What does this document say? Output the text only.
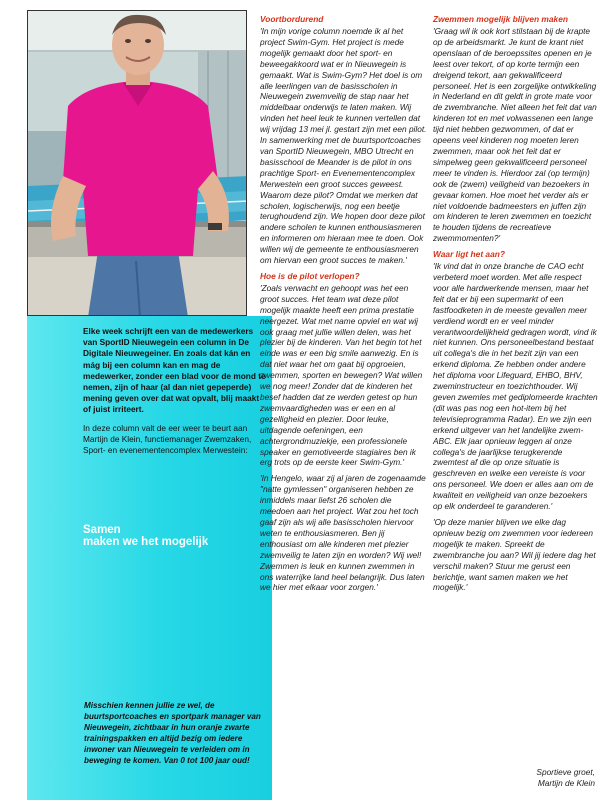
Elke week schrijft een van de medewerkers van SportID Nieuwegein een column in De Digitale Nieuwegeiner. En zoals dat kán en mág bij een column kan en mag de medewerker, zonder een blad voor de mond te nemen, zijn of haar (al dan niet gepeperde) mening geven over dat wat opvalt, blij maakt of juist irriteert.

In deze column valt de eer weer te beurt aan Martijn de Klein, functiemanager Zwemzaken, Sport- en evenementencomplex Merwestein:

Samen
maken we het mogelijk
Misschien kennen jullie ze wel, de buurtsportcoaches en sportpark manager van Nieuwegein, zichtbaar in hun oranje zwarte trainingspakken en altijd bezig om iedere inwoner van Nieuwegein te verleiden om in beweging te komen. Van 0 tot 100 jaar oud!
Voortbordurend

'In mijn vorige column noemde ik al het project Swim-Gym. Het project is mede mogelijk gemaakt door het sport- en beweegakkoord wat er in Nieuwegein is gemaakt. Wat is Swim-Gym? Het doel is om alle leerlingen van de basisscholen in Nieuwegein zwemveilig de stap naar het middelbaar onderwijs te laten maken. Wij vinden het heel leuk te kunnen vertellen dat wij vrijdag 13 mei jl. gestart zijn met een pilot. In samenwerking met de buurtsportcoaches van SportID Nieuwegein, MBO Utrecht en basisschool de Meander is de pilot in ons prachtige Sport- en Evenementencomplex Merwestein een groot succes geweest. Waarom deze pilot? Omdat we merken dat scholen, logischerwijs, nog een beetje terughoudend zijn. We hopen door deze pilot andere scholen te kunnen enthousiasmeren en informeren om hieraan mee te doen. Ook willen wij de gemeente te enthousiasmeren om hiervan een groot succes te maken.'

Hoe is de pilot verlopen?

'Zoals verwacht en gehoopt was het een groot succes. Het team wat deze pilot mogelijk maakte heeft een prima prestatie neergezet. Wat met name opviel en wat wij ook graag met jullie willen delen, was het plezier bij de kinderen. Van het begin tot het einde was er een big smile aanwezig. En is dat niet waar het om gaat bij opgroeien, zwemmen, sporten en bewegen? Wat willen we nog meer! Zonder dat de kinderen het besef hadden dat ze werden getest op hun zwemvaardigheden was er een en al gezelligheid en plezier. Door leuke, uitdagende oefeningen, een achtergrondmuziekje, een professionele speaker en gemotiveerde stagiaires ben ik erg trots op de eerste keer Swim-Gym.'

'In Hengelo, waar zij al jaren de zogenaamde "natte gymlessen" organiseren hebben ze inmiddels maar liefst 26 scholen die meedoen aan het project. Wat zou het toch gaaf zijn als wij alle basisscholen hiervoor weten te enthousiasmeren. Ben jij enthousiast om alle kinderen met plezier zwemveilig te laten zijn en worden? Wij wel! Zwemmen is leuk en kunnen zwemmen in ons waterrijke land heel belangrijk. Dus laten we hier met elkaar voor zorgen.'

Zwemmen mogelijk blijven maken

'Graag wil ik ook kort stilstaan bij de krapte op de arbeidsmarkt. Je kunt de krant niet openslaan of de beroepssites openen en je leest over tekort, of op korte termijn een dreigend tekort, aan gekwalificeerd personeel. Het is een zorgelijke ontwikkeling in Nederland en dit geldt in grote mate voor de zwembranche. Niet alleen het feit dat van kinderen tot en met volwassenen een lange tijd niet hebben gezwommen, of dat er opeens veel kinderen nog moeten leren zwemmen, maar ook het feit dat er simpelweg geen gekwalificeerd personeel meer te vinden is. Hierdoor zal (op termijn) ook de (zwem) veiligheid van bezoekers in gevaar komen. Hoe moet het verder als er niet voldoende badmeesters en juffen zijn om kinderen te leren zwemmen en toezicht te houden tijdens de recreatieve zwemmomenten?'

Waar ligt het aan?

'Ik vind dat in onze branche de CAO echt verbeterd moet worden. Met alle respect voor alle hardwerkende mensen, maar het feit dat er bij een supermarkt of een fastfoodketen in de meeste gevallen meer verdiend wordt en er veel minder verantwoordelijkheid gedragen wordt, vind ik niet kunnen. Ons personeelbestand bestaat uit collega's die in het bezit zijn van een erkend diploma. Ze hebben onder andere het diploma voor Lifeguard, EHBO, BHV, zweminstructeur en toezichthouder. Wij geven zwemles met gediplomeerde krachten (dit was pas nog een hot-item bij het televisieprogramma Radar). En we zijn een erkend uitgever van het landelijke zwem-ABC. Elk jaar opnieuw leggen al onze collega's de jaarlijkse terugkerende zwemtest af die op onze situatie is geschreven en welke een vereiste is voor ons personeel. We doen er alles aan om de kwaliteit en veiligheid van onze bezoekers op elk onderdeel te garanderen.'

'Op deze manier blijven we elke dag opnieuw bezig om zwemmen voor iedereen mogelijk te maken. Spreekt de zwembranche jou aan? Wil jij iedere dag het verschil maken? Stuur me gerust een berichtje, want samen maken we het mogelijk.'

Sportieve groet,
Martijn de Klein
